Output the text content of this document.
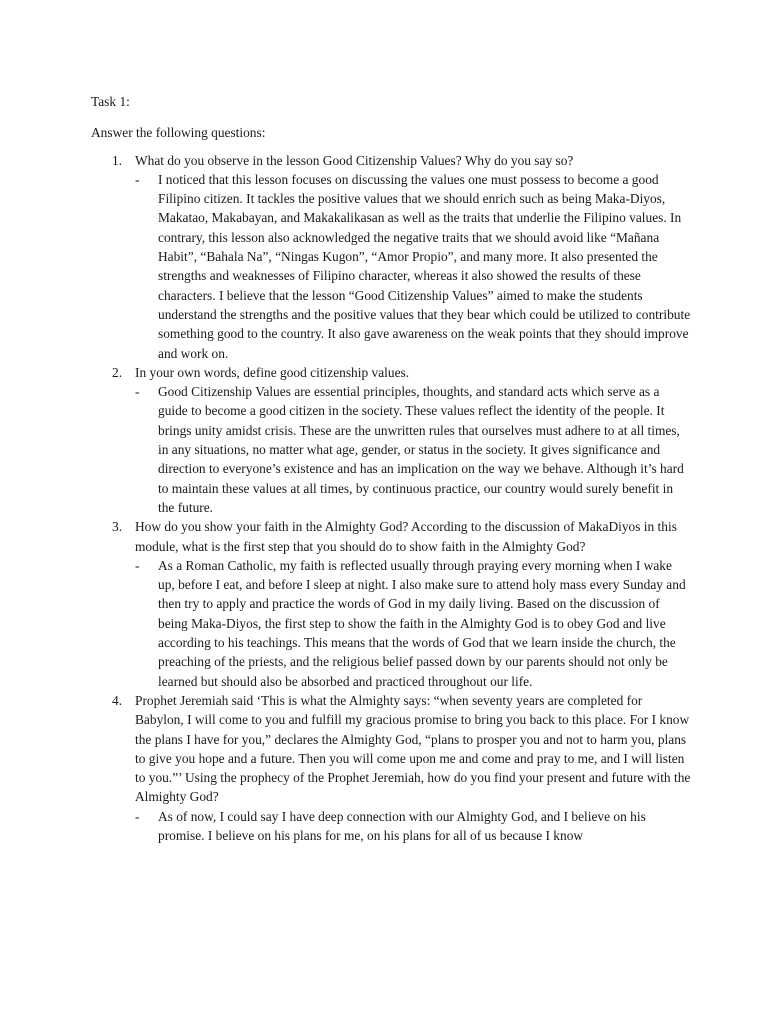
Task 1:

Answer the following questions:

1. What do you observe in the lesson Good Citizenship Values? Why do you say so?
- I noticed that this lesson focuses on discussing the values one must possess to become a good Filipino citizen. It tackles the positive values that we should enrich such as being Maka-Diyos, Makatao, Makabayan, and Makakalikasan as well as the traits that underlie the Filipino values. In contrary, this lesson also acknowledged the negative traits that we should avoid like “Mañana Habit”, “Bahala Na”, “Ningas Kugon”, “Amor Propio”, and many more. It also presented the strengths and weaknesses of Filipino character, whereas it also showed the results of these characters. I believe that the lesson “Good Citizenship Values” aimed to make the students understand the strengths and the positive values that they bear which could be utilized to contribute something good to the country. It also gave awareness on the weak points that they should improve and work on.
2. In your own words, define good citizenship values.
- Good Citizenship Values are essential principles, thoughts, and standard acts which serve as a guide to become a good citizen in the society. These values reflect the identity of the people. It brings unity amidst crisis. These are the unwritten rules that ourselves must adhere to at all times, in any situations, no matter what age, gender, or status in the society. It gives significance and direction to everyone’s existence and has an implication on the way we behave. Although it’s hard to maintain these values at all times, by continuous practice, our country would surely benefit in the future.
3. How do you show your faith in the Almighty God? According to the discussion of MakaDiyos in this module, what is the first step that you should do to show faith in the Almighty God?
- As a Roman Catholic, my faith is reflected usually through praying every morning when I wake up, before I eat, and before I sleep at night. I also make sure to attend holy mass every Sunday and then try to apply and practice the words of God in my daily living. Based on the discussion of being Maka-Diyos, the first step to show the faith in the Almighty God is to obey God and live according to his teachings. This means that the words of God that we learn inside the church, the preaching of the priests, and the religious belief passed down by our parents should not only be learned but should also be absorbed and practiced throughout our life.
4. Prophet Jeremiah said ‘This is what the Almighty says: “when seventy years are completed for Babylon, I will come to you and fulfill my gracious promise to bring you back to this place. For I know the plans I have for you,” declares the Almighty God, “plans to prosper you and not to harm you, plans to give you hope and a future. Then you will come upon me and come and pray to me, and I will listen to you.”’ Using the prophecy of the Prophet Jeremiah, how do you find your present and future with the Almighty God?
- As of now, I could say I have deep connection with our Almighty God, and I believe on his promise. I believe on his plans for me, on his plans for all of us because I know
